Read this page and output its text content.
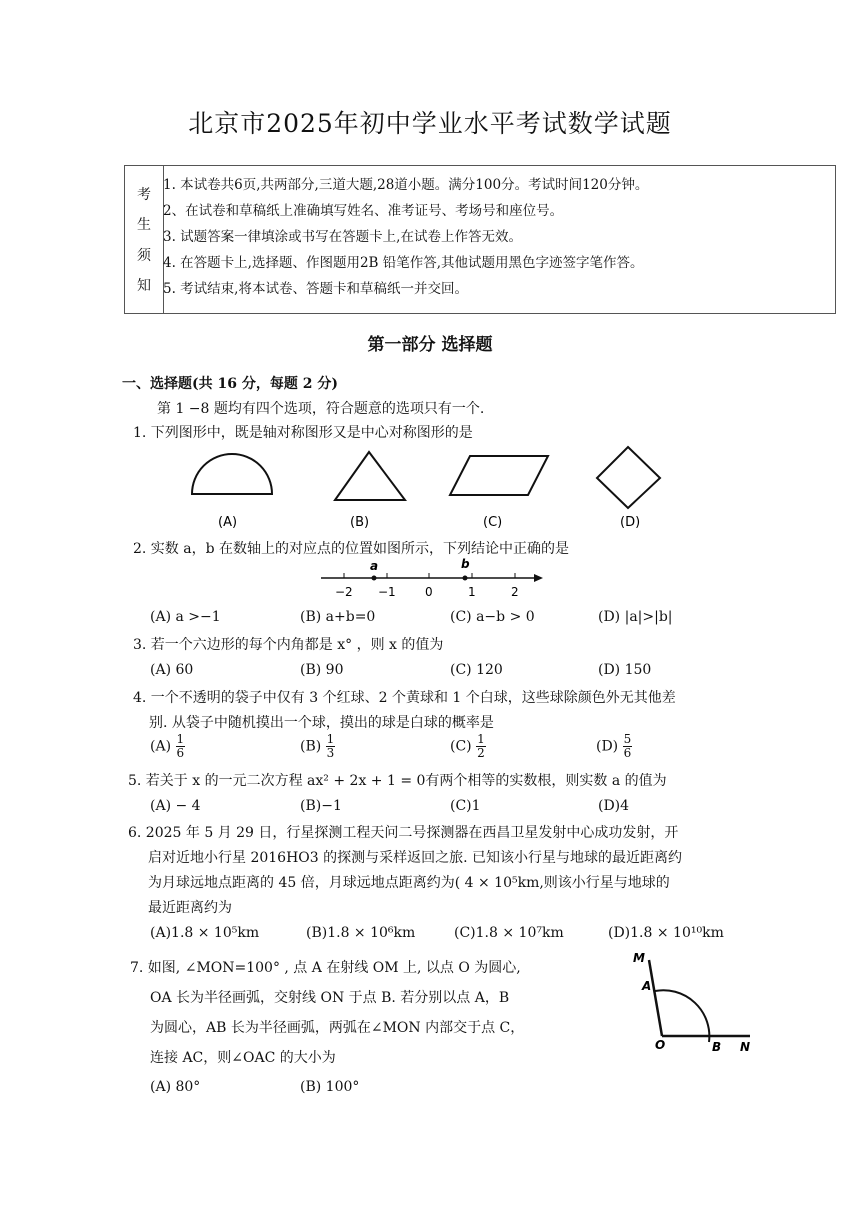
北京市2025年初中学业水平考试数学试题
考
生
须
知
1. 本试卷共6页,共两部分,三道大题,28道小题。满分100分。考试时间120分钟。
2、在试卷和草稿纸上准确填写姓名、准考证号、考场号和座位号。
3. 试题答案一律填涂或书写在答题卡上,在试卷上作答无效。
4. 在答题卡上,选择题、作图题用2B 铅笔作答,其他试题用黑色字迹签字笔作答。
5. 考试结束,将本试卷、答题卡和草稿纸一并交回。
第一部分 选择题
一、选择题(共 16 分，每题 2 分)
第 1 −8 题均有四个选项，符合题意的选项只有一个.
1. 下列图形中，既是轴对称图形又是中心对称图形的是
(A)	(B)	(C)	(D)
2. 实数 a，b 在数轴上的对应点的位置如图所示，下列结论中正确的是
a	b
−2 −1 0	1	2
(A) a >−1	(B) a+b=0	(C) a−b > 0	(D) |a|>|b|
3. 若一个六边形的每个内角都是 x° ，则 x 的值为
(A) 60	(B) 90	(C) 120	(D) 150
4. 一个不透明的袋子中仅有 3 个红球、2 个黄球和 1 个白球，这些球除颜色外无其他差
别. 从袋子中随机摸出一个球，摸出的球是白球的概率是
$(A) \frac{1}{6}$	$(B) \frac{1}{3}$	$(C) \frac{1}{2}$	$(D) \frac{5}{6}$
5. 若关于 x 的一元二次方程 ax² + 2x + 1 = 0有两个相等的实数根，则实数 a 的值为
(A) − 4	(B)−1	(C)1	(D)4
6. 2025 年 5 月 29 日，行星探测工程天问二号探测器在西昌卫星发射中心成功发射，开
启对近地小行星 2016HO3 的探测与采样返回之旅. 已知该小行星与地球的最近距离约
为月球远地点距离的 45 倍，月球远地点距离约为( 4 × 10⁵km,则该小行星与地球的
最近距离约为
(A)1.8 × 10⁵km	(B)1.8 × 10⁶km	(C)1.8 × 10⁷km	(D)1.8 × 10¹⁰km
7. 如图, ∠MON=100° , 点 A 在射线 OM 上, 以点 O 为圆心,
OA 长为半径画弧，交射线 ON 于点 B. 若分别以点 A，B
为圆心，AB 长为半径画弧，两弧在∠MON 内部交于点 C，
连接 AC，则∠OAC 的大小为
(A) 80°	(B) 100°
M
A
O	B N
